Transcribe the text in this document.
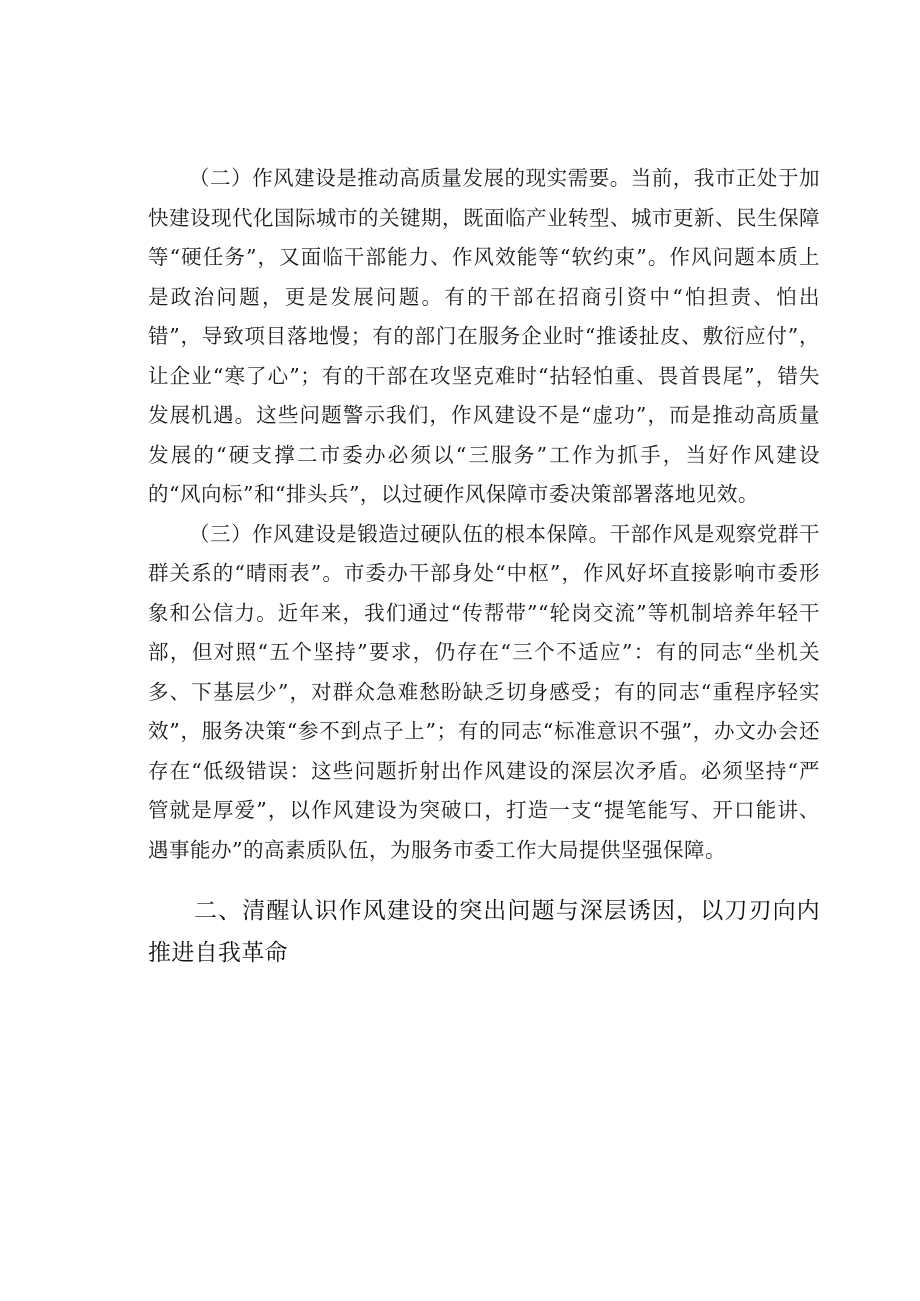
（二）作风建设是推动高质量发展的现实需要。当前，我市正处于加快建设现代化国际城市的关键期，既面临产业转型、城市更新、民生保障等“硬任务”，又面临干部能力、作风效能等“软约束”。作风问题本质上是政治问题，更是发展问题。有的干部在招商引资中“怕担责、怕出错”，导致项目落地慢；有的部门在服务企业时“推诿扯皮、敷衍应付”，让企业“寒了心”；有的干部在攻坚克难时“拈轻怕重、畏首畏尾”，错失发展机遇。这些问题警示我们，作风建设不是“虚功”，而是推动高质量发展的“硬支撑二市委办必须以“三服务”工作为抓手，当好作风建设的“风向标”和“排头兵”，以过硬作风保障市委决策部署落地见效。

（三）作风建设是锻造过硬队伍的根本保障。干部作风是观察党群干群关系的“晴雨表”。市委办干部身处“中枢”，作风好坏直接影响市委形象和公信力。近年来，我们通过“传帮带”“轮岗交流”等机制培养年轻干部，但对照“五个坚持”要求，仍存在“三个不适应”：有的同志“坐机关多、下基层少”，对群众急难愁盼缺乏切身感受；有的同志“重程序轻实效”，服务决策“参不到点子上”；有的同志“标准意识不强”，办文办会还存在“低级错误：这些问题折射出作风建设的深层次矛盾。必须坚持“严管就是厚爱”，以作风建设为突破口，打造一支“提笔能写、开口能讲、遇事能办”的高素质队伍，为服务市委工作大局提供坚强保障。

二、清醒认识作风建设的突出问题与深层诱因，以刀刃向内推进自我革命
